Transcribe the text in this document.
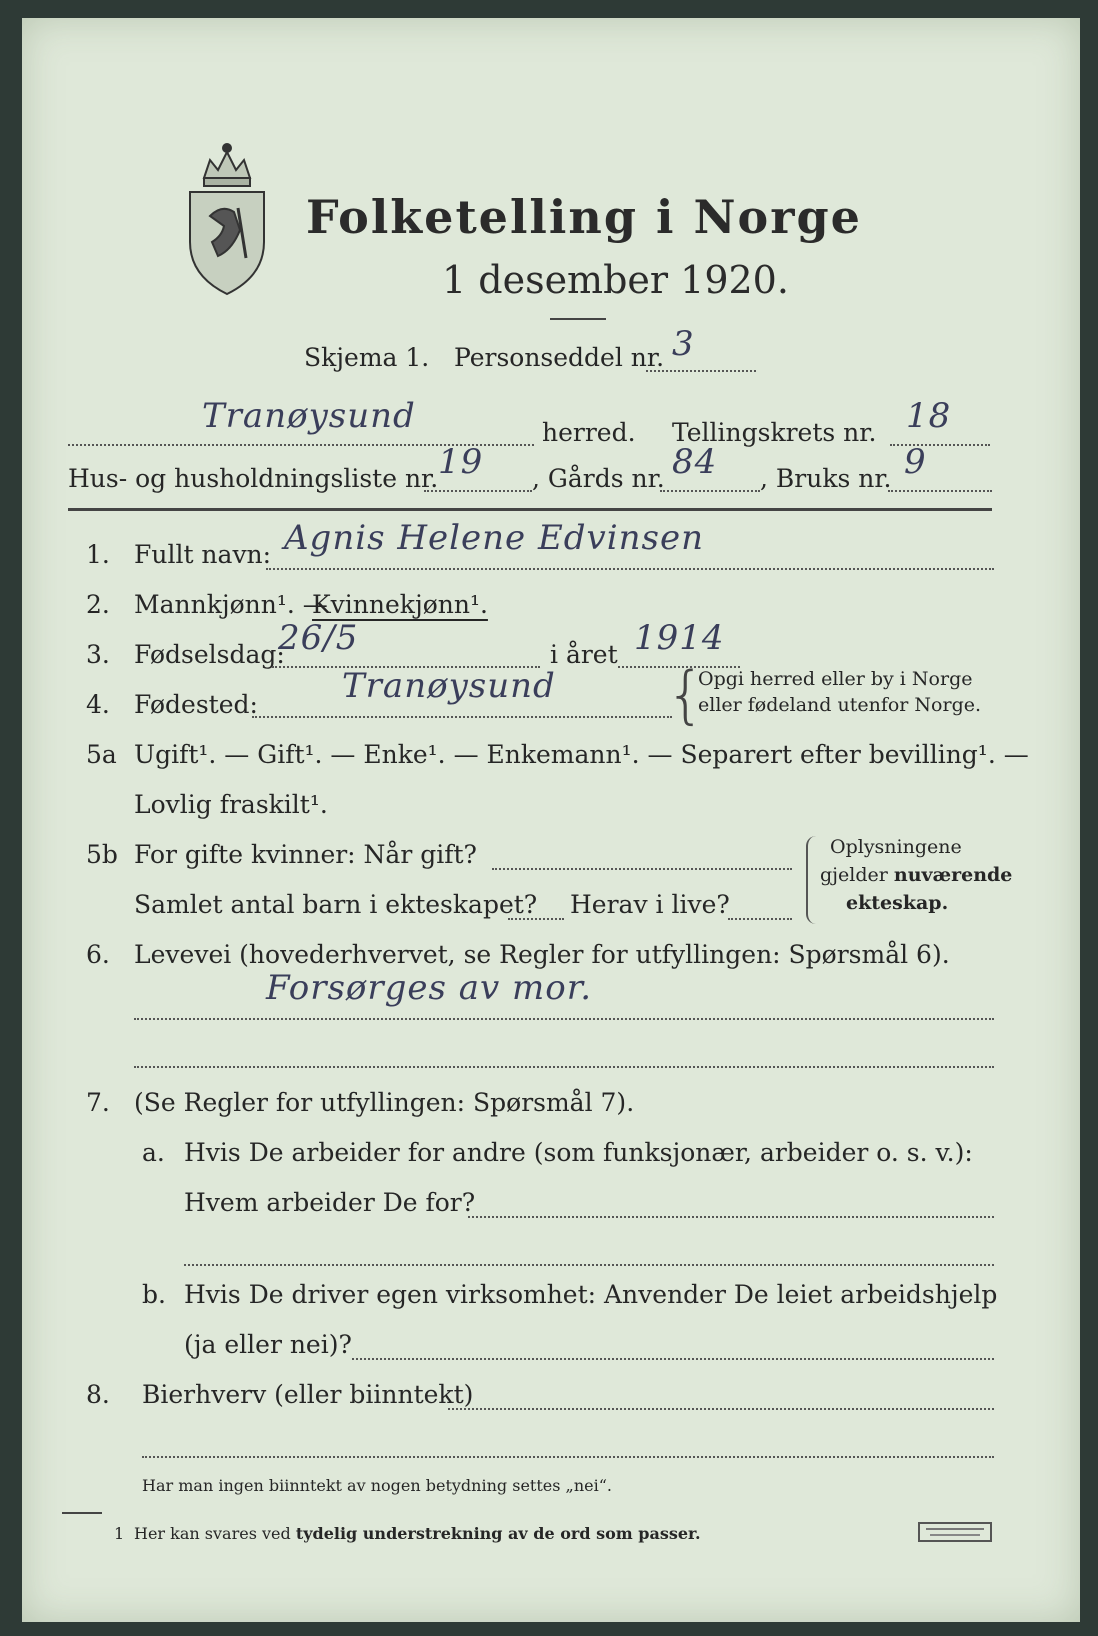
Folketelling i Norge
1 desember 1920.
Skjema 1. Personseddel nr. 3
Tranøysund	herred. Tellingskrets nr. 18
Hus- og husholdningsliste nr. 19 , Gårds nr. 84 , Bruks nr. 9
1. Fullt navn: Agnis Helene Edvinsen
2. Mannkjønn¹. —
Kvinnekjønn¹.
3. Fødselsdag:
26/5	i året 1914
4. Fødested: Tranøysund {
Opgi herred eller by i Norge
eller fødeland utenfor Norge.
5a Ugift¹. — Gift¹. — Enke¹. — Enkemann¹. — Separert efter bevilling¹. —
Lovlig fraskilt¹.
5b For gifte kvinner: Når gift?
Samlet antal barn i ekteskapet? Herav i live?
Oplysningene
gjelder nuværende
ekteskap.
6. Levevei (hovederhvervet, se Regler for utfyllingen: Spørsmål 6).
Forsørges av mor.
7. (Se Regler for utfyllingen: Spørsmål 7).
a. Hvis De arbeider for andre (som funksjonær, arbeider o. s. v.):
Hvem arbeider De for?
b. Hvis De driver egen virksomhet: Anvender De leiet arbeidshjelp
(ja eller nei)?
8. Bierhverv (eller biinntekt)
Har man ingen biinntekt av nogen betydning settes „nei“.
1 Her kan svares ved tydelig understrekning av de ord som passer.
